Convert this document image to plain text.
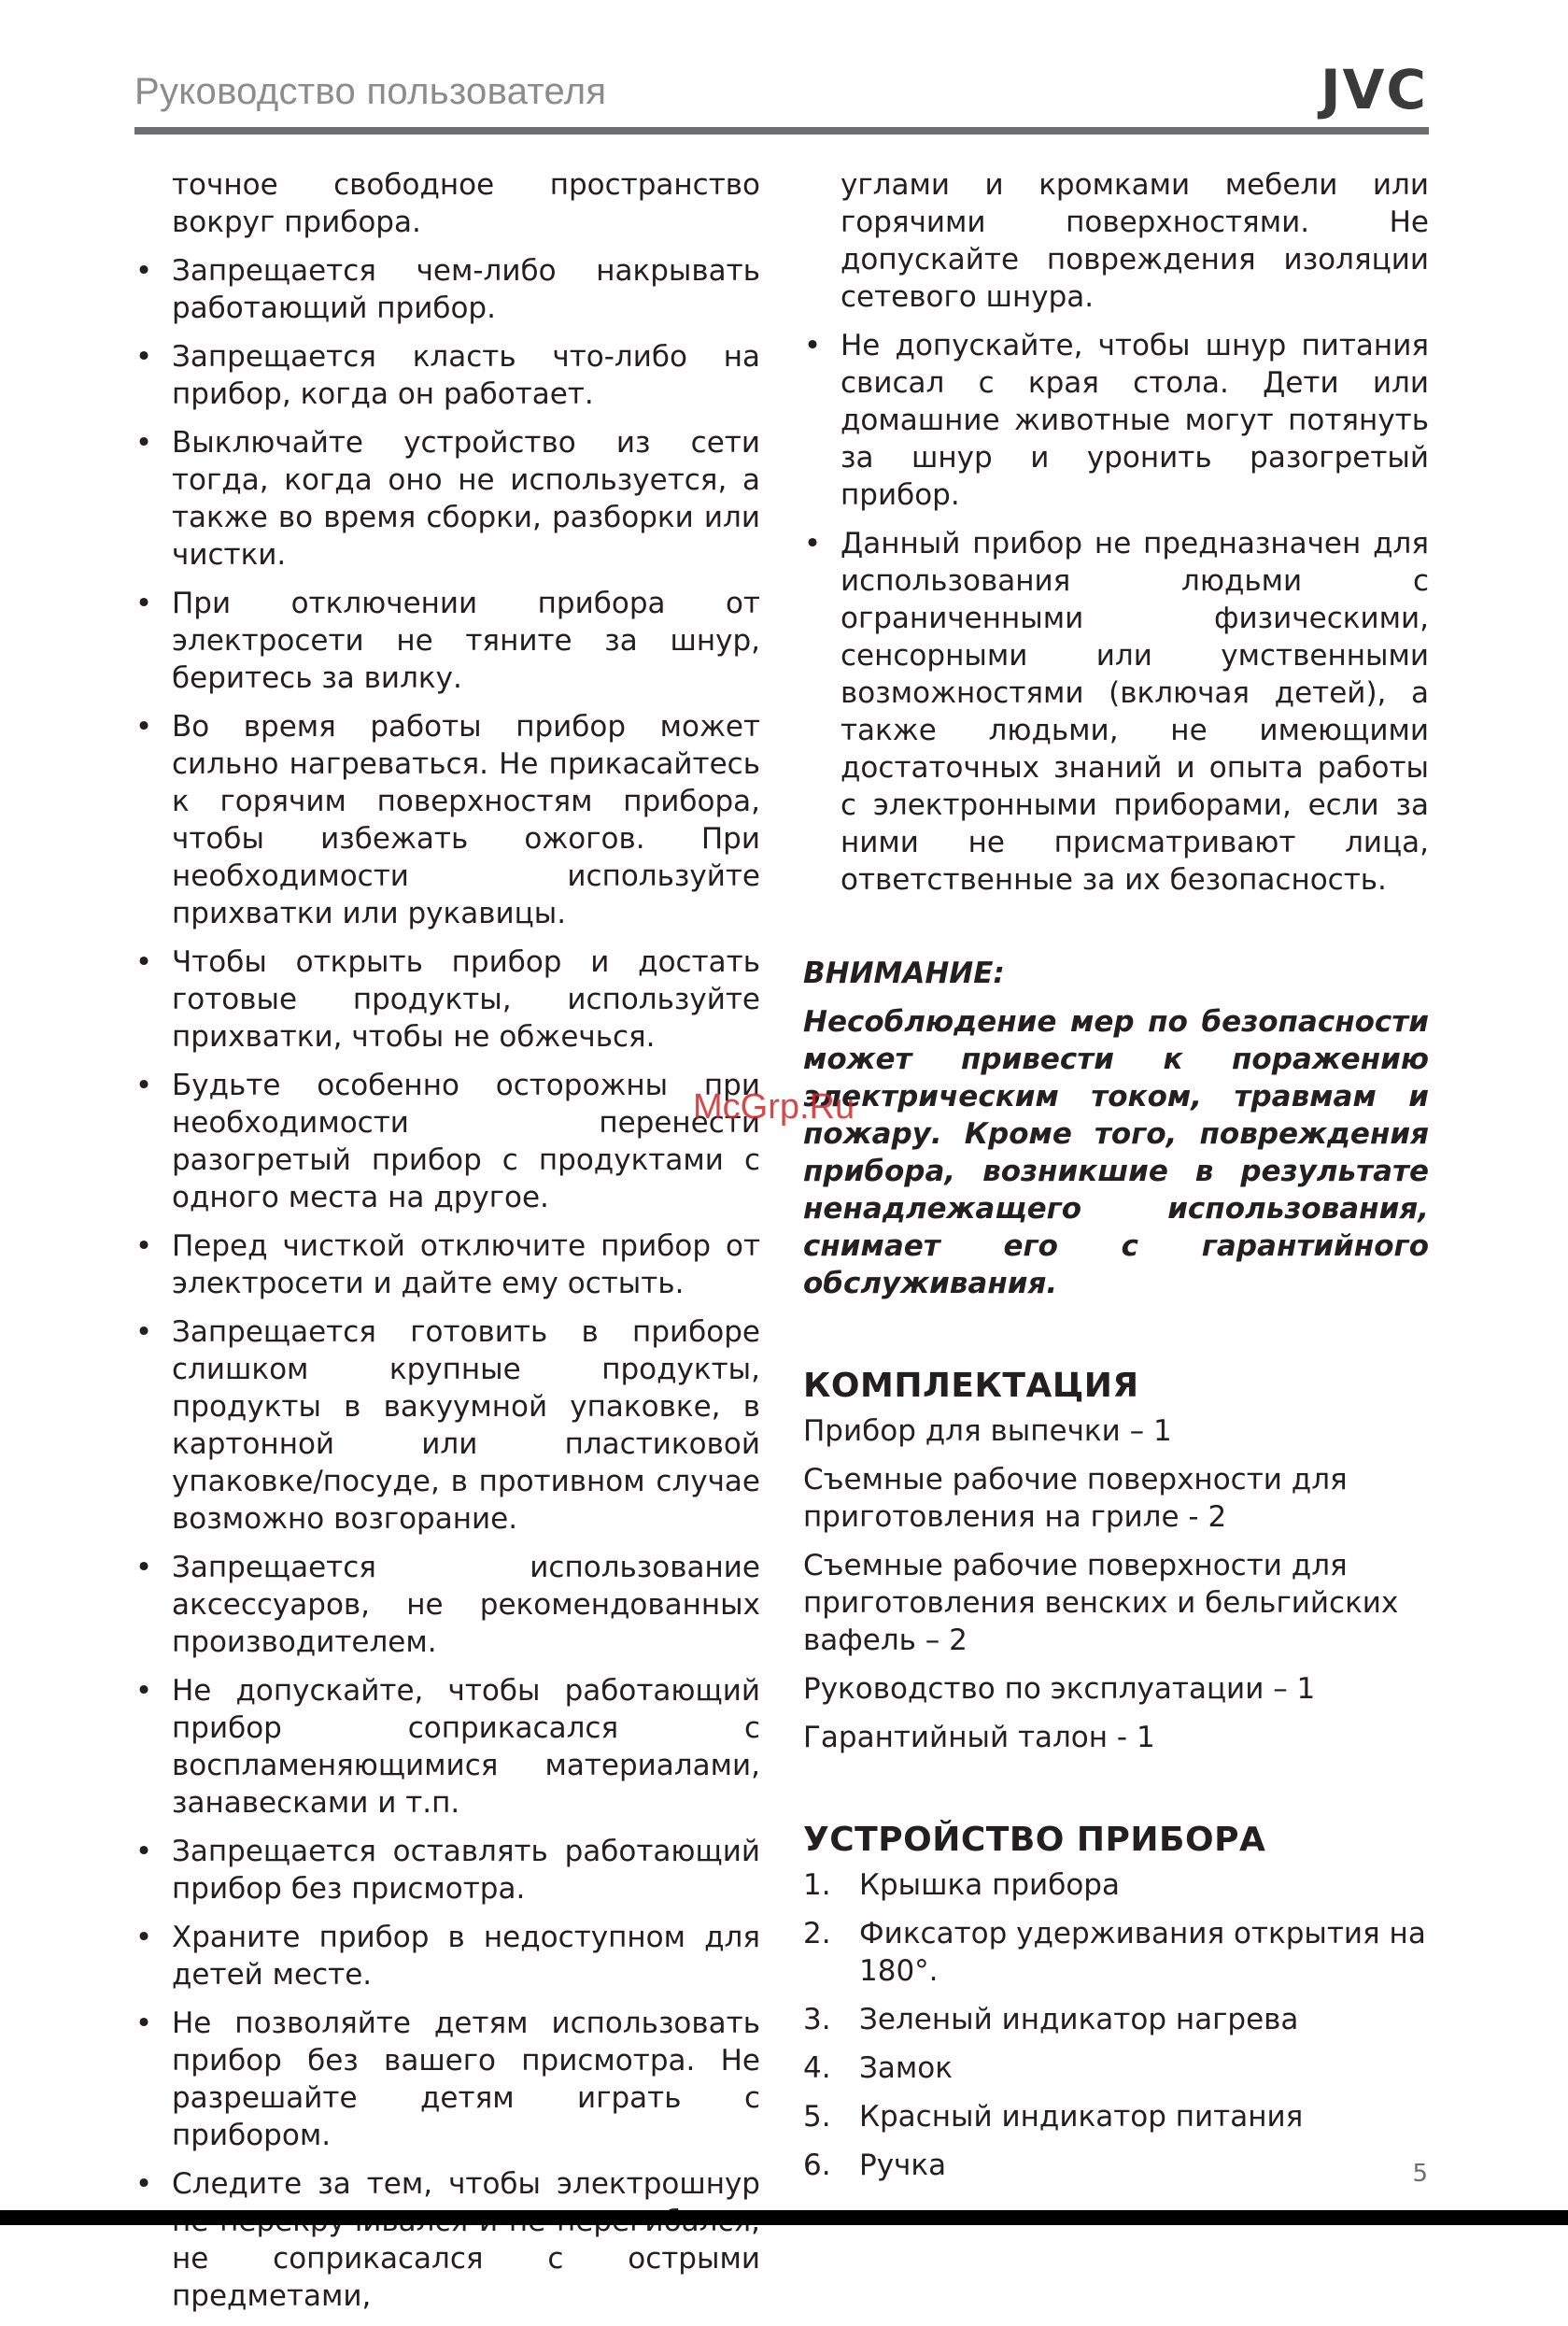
Руководство пользователя	JVC
точное свободное пространство вокруг прибора.
• Запрещается чем-либо накрывать работающий прибор.
• Запрещается класть что-либо на прибор, когда он работает.
• Выключайте устройство из сети тогда, когда оно не используется, а также во время сборки, разборки или чистки.
• При отключении прибора от электросети не тяните за шнур, беритесь за вилку.
• Во время работы прибор может сильно нагреваться. Не прикасайтесь к горячим поверхностям прибора, чтобы избежать ожогов. При необходимости используйте прихватки или рукавицы.
• Чтобы открыть прибор и достать готовые продукты, используйте прихватки, чтобы не обжечься.
• Будьте особенно осторожны при необходимости перенести разогретый прибор с продуктами с одного места на другое.
• Перед чисткой отключите прибор от электросети и дайте ему остыть.
• Запрещается готовить в приборе слишком крупные продукты, продукты в вакуумной упаковке, в картонной или пластиковой упаковке/посуде, в противном случае возможно возгорание.
• Запрещается использование аксессуаров, не рекомендованных производителем.
• Не допускайте, чтобы работающий прибор соприкасался с воспламеняющимися материалами, занавесками и т.п.
• Запрещается оставлять работающий прибор без присмотра.
• Храните прибор в недоступном для детей месте.
• Не позволяйте детям использовать прибор без вашего присмотра. Не разрешайте детям играть с прибором.
• Следите за тем, чтобы электрошнур не соприкасался с острыми предметами,
углами и кромками мебели или горячими поверхностями. Не допускайте повреждения изоляции сетевого шнура.
• Не допускайте, чтобы шнур питания свисал с края стола. Дети или домашние животные могут потянуть за шнур и уронить разогретый прибор.
• Данный прибор не предназначен для использования людьми с ограниченными физическими, сенсорными или умственными возможностями (включая детей), а также людьми, не имеющими достаточных знаний и опыта работы с электронными приборами, если за ними не присматривают лица, ответственные за их безопасность.
ВНИМАНИЕ:
Несоблюдение мер по безопасности может привести к поражению электрическим током, травмам и пожару. Кроме того, повреждения прибора, возникшие в результате ненадлежащего использования, снимает его с гарантийного обслуживания.
КОМПЛЕКТАЦИЯ
Прибор для выпечки – 1
Съемные рабочие поверхности для приготовления на гриле - 2
Съемные рабочие поверхности для приготовления венских и бельгийских вафель – 2
Руководство по эксплуатации – 1
Гарантийный талон - 1
УСТРОЙСТВО ПРИБОРА
1. Крышка прибора
2. Фиксатор удерживания открытия на 180°.
3. Зеленый индикатор нагрева
4. Замок
5. Красный индикатор питания
6. Ручка
McGrp.Ru
5
